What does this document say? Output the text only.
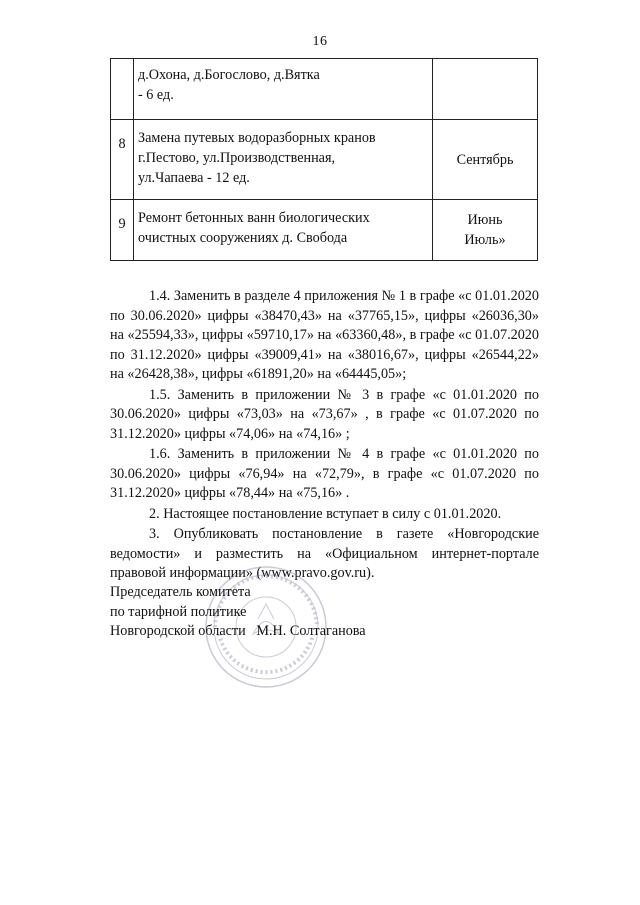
16

	д.Охона, д.Богослово, д.Вятка
- 6 ед.	

8	Замена путевых водоразборных кранов
г.Пестово, ул.Производственная,
ул.Чапаева - 12 ед.	Сентябрь

9	Ремонт бетонных ванн биологических
очистных сооружениях д. Свобода	Июнь
Июль»

1.4. Заменить в разделе 4 приложения № 1 в графе «с 01.01.2020 по 30.06.2020» цифры «38470,43» на «37765,15», цифры «26036,30» на «25594,33», цифры «59710,17» на «63360,48», в графе «с 01.07.2020 по 31.12.2020» цифры «39009,41» на «38016,67», цифры «26544,22» на «26428,38», цифры «61891,20» на «64445,05»;

1.5. Заменить в приложении № 3 в графе «с 01.01.2020 по 30.06.2020» цифры «73,03» на «73,67» , в графе «с 01.07.2020 по 31.12.2020» цифры «74,06» на «74,16» ;

1.6. Заменить в приложении № 4 в графе «с 01.01.2020 по 30.06.2020» цифры «76,94» на «72,79», в графе «с 01.07.2020 по 31.12.2020» цифры «78,44» на «75,16» .

2. Настоящее постановление вступает в силу с 01.01.2020.

3. Опубликовать постановление в газете «Новгородские ведомости» и разместить на «Официальном интернет-портале правовой информации» (www.pravo.gov.ru).

Председатель комитета
по тарифной политике
Новгородской области М.Н. Солтаганова
